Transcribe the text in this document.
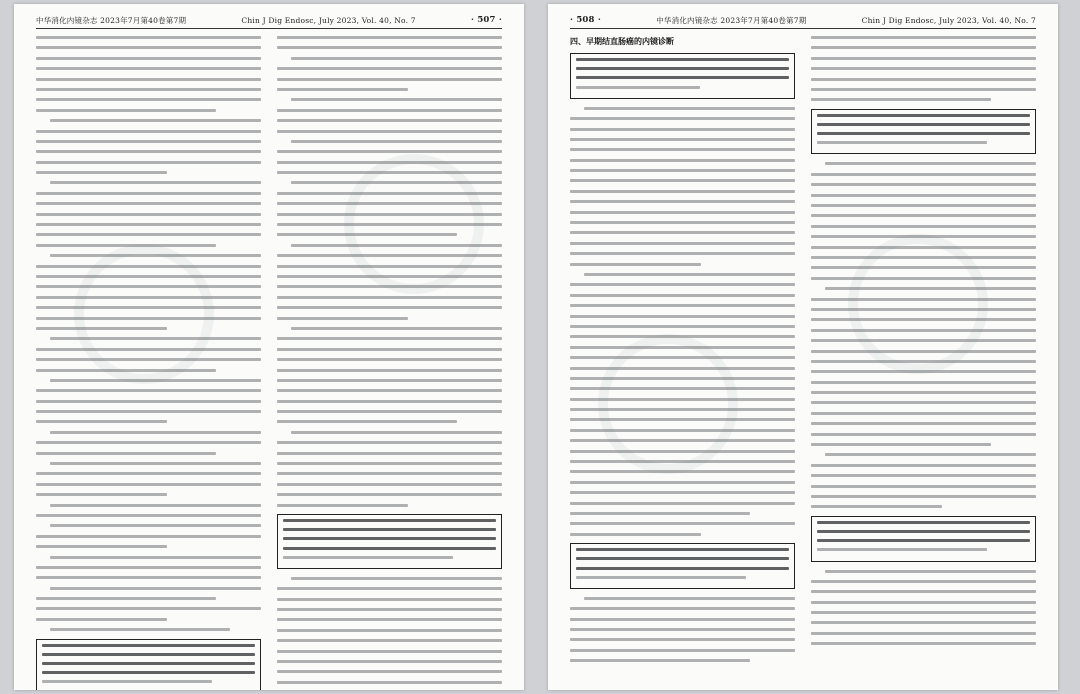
中华消化内镜杂志 2023年7月第40卷第7期	Chin J Dig Endosc, July 2023, Vol. 40, No. 7	· 507 ·	· 508 ·	中华消化内镜杂志 2023年7月第40卷第7期	Chin J Dig Endosc, July 2023, Vol. 40, No. 7
四、早期结直肠癌的内镜诊断
